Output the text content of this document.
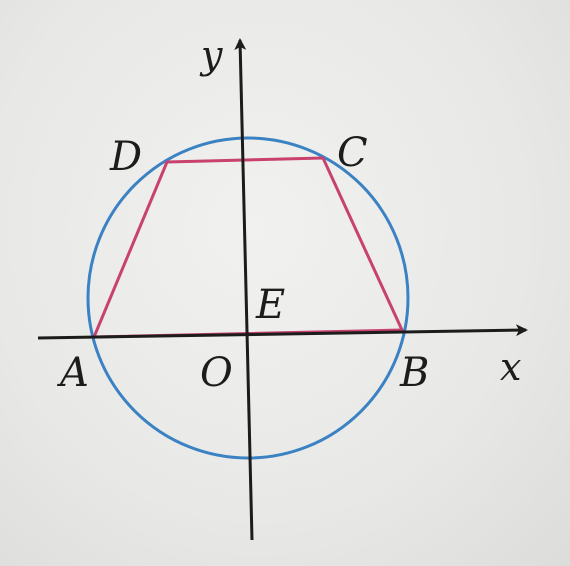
y
x
D	C
E
A	O	B
